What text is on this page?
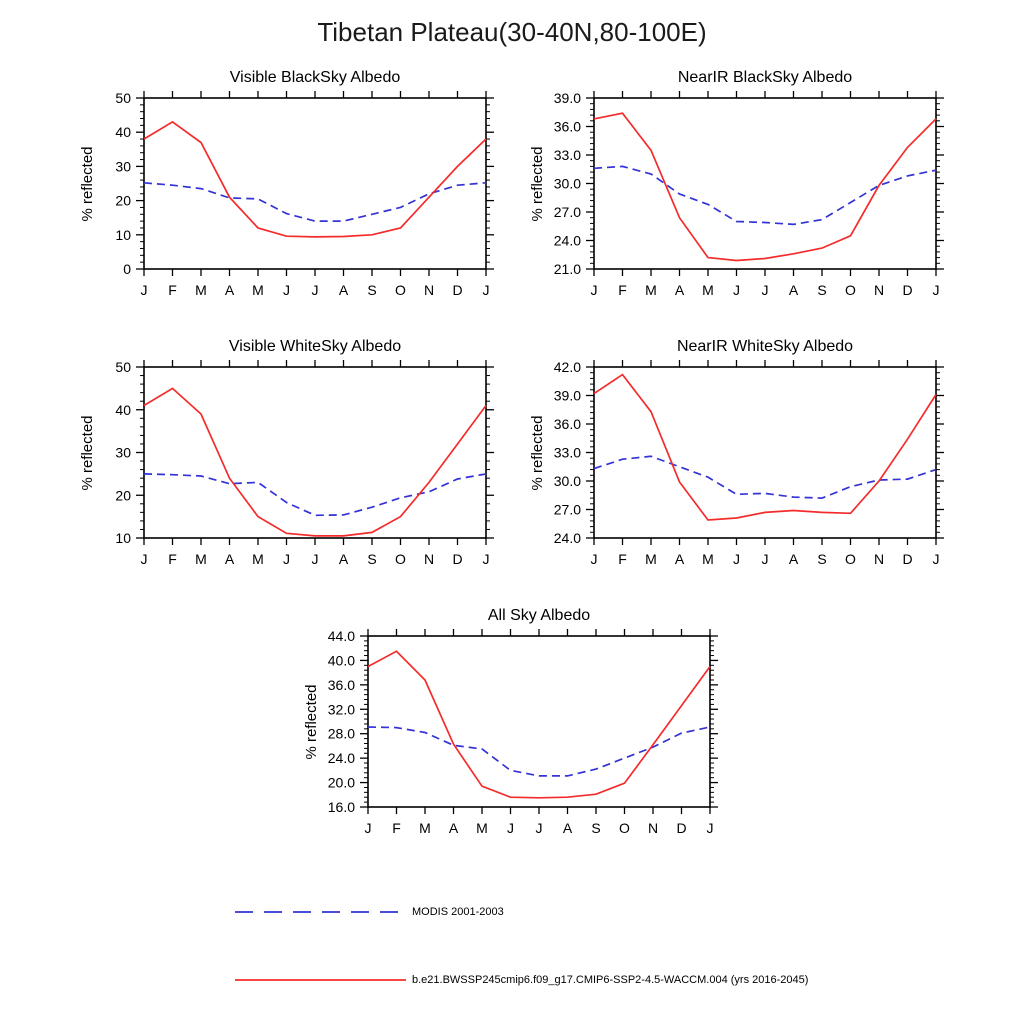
Tibetan Plateau(30-40N,80-100E)
Visible BlackSky Albedo
% reflected
0
10
20
30
40
50
J F M A M J J A S O N D J
NearIR BlackSky Albedo
% reflected
21.0
24.0
27.0
30.0
33.0
36.0
39.0
J F M A M J J A S O N D J
Visible WhiteSky Albedo
% reflected
10
20
30
40
50
J F M A M J J A S O N D J
NearIR WhiteSky Albedo
% reflected
24.0
27.0
30.0
33.0
36.0
39.0
42.0
J F M A M J J A S O N D J
All Sky Albedo
% reflected
16.0
20.0
24.0
28.0
32.0
36.0
40.0
44.0
J F M A M J J A S O N D J
MODIS 2001-2003
b.e21.BWSSP245cmip6.f09_g17.CMIP6-SSP2-4.5-WACCM.004 (yrs 2016-2045)
